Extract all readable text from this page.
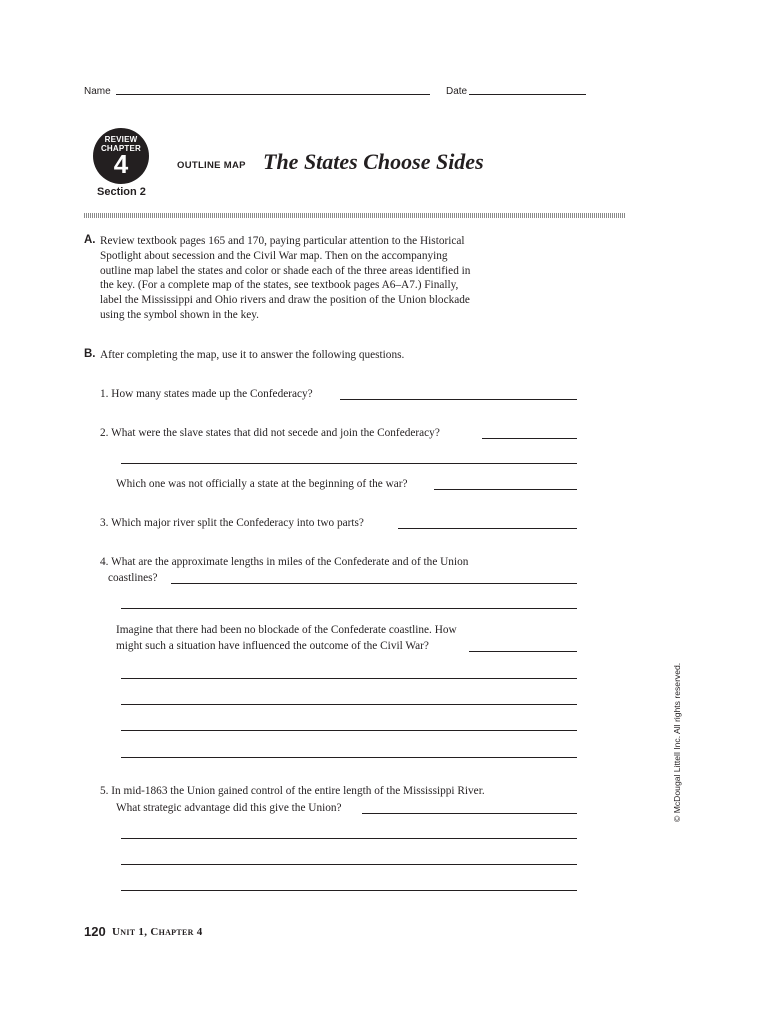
Name	Date
REVIEW
CHAPTER
4
Section 2
OUTLINE MAP The States Choose Sides
A. Review textbook pages 165 and 170, paying particular attention to the Historical
Spotlight about secession and the Civil War map. Then on the accompanying
outline map label the states and color or shade each of the three areas identified in
the key. (For a complete map of the states, see textbook pages A6–A7.) Finally,
label the Mississippi and Ohio rivers and draw the position of the Union blockade
using the symbol shown in the key.
B. After completing the map, use it to answer the following questions.
1. How many states made up the Confederacy?
2. What were the slave states that did not secede and join the Confederacy?
Which one was not officially a state at the beginning of the war?
3. Which major river split the Confederacy into two parts?
4. What are the approximate lengths in miles of the Confederate and of the Union
coastlines?
Imagine that there had been no blockade of the Confederate coastline. How
might such a situation have influenced the outcome of the Civil War?
5. In mid-1863 the Union gained control of the entire length of the Mississippi River.
What strategic advantage did this give the Union?	© McDougal Littell Inc. All rights reserved.
120 Unit 1, Chapter 4
